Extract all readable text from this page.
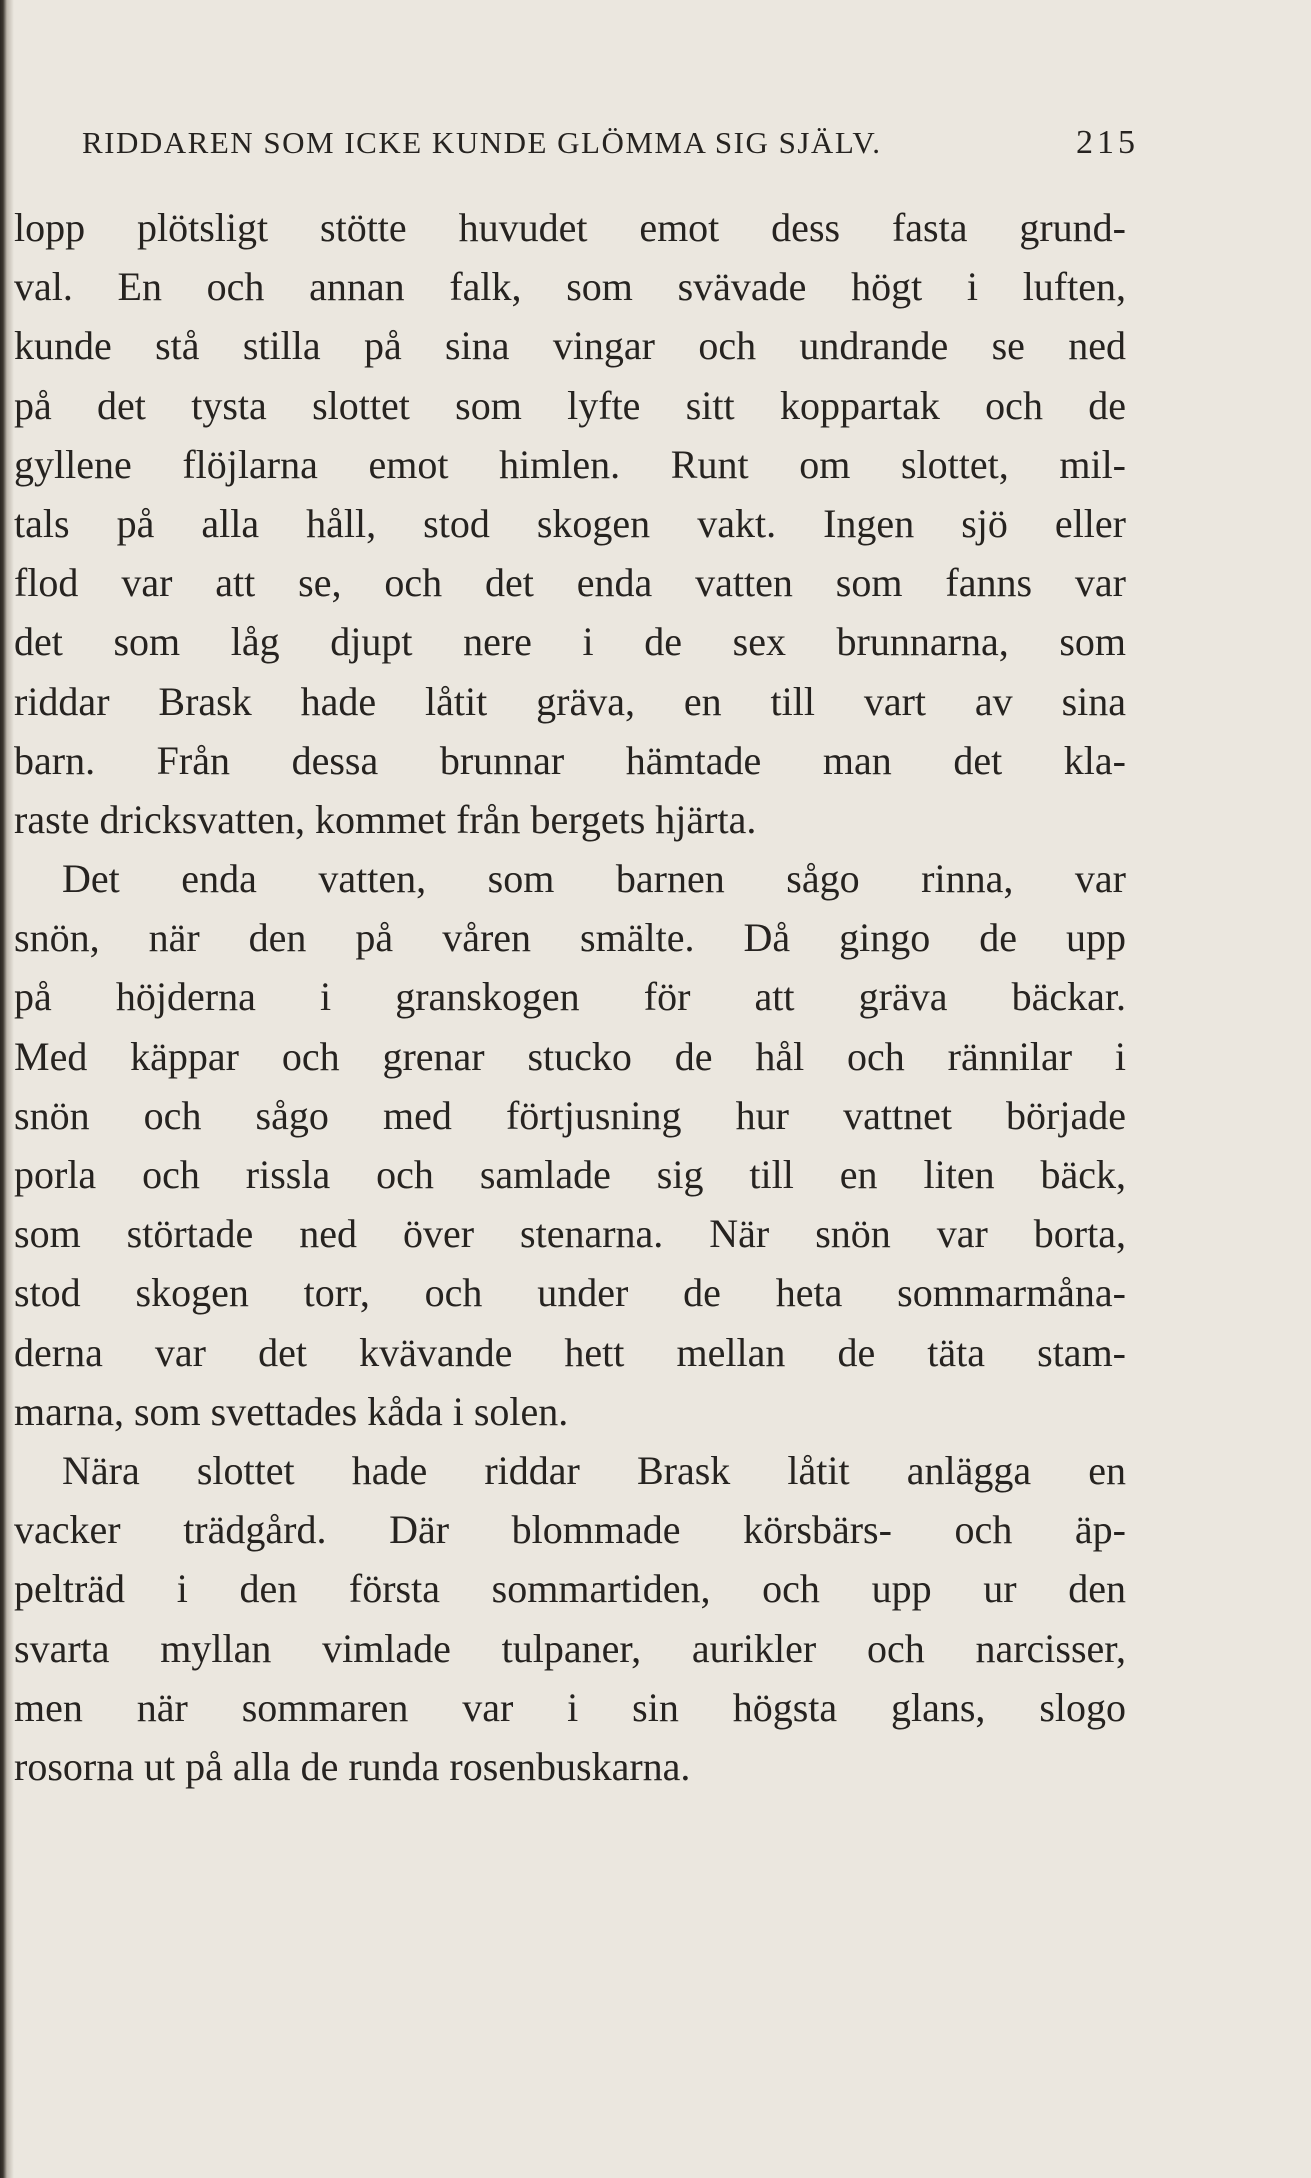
RIDDAREN SOM ICKE KUNDE GLÖMMA SIG SJÄLV.	215
lopp plötsligt stötte huvudet emot dess fasta grund-
val. En och annan falk, som svävade högt i luften,
kunde stå stilla på sina vingar och undrande se ned
på det tysta slottet som lyfte sitt koppartak och de
gyllene flöjlarna emot himlen. Runt om slottet, mil-
tals på alla håll, stod skogen vakt. Ingen sjö eller
flod var att se, och det enda vatten som fanns var
det som låg djupt nere i de sex brunnarna, som
riddar Brask hade låtit gräva, en till vart av sina
barn. Från dessa brunnar hämtade man det kla-
raste dricksvatten, kommet från bergets hjärta.
Det enda vatten, som barnen sågo rinna, var
snön, när den på våren smälte. Då gingo de upp
på höjderna i granskogen för att gräva bäckar.
Med käppar och grenar stucko de hål och rännilar i
snön och sågo med förtjusning hur vattnet började
porla och rissla och samlade sig till en liten bäck,
som störtade ned över stenarna. När snön var borta,
stod skogen torr, och under de heta sommarmåna-
derna var det kvävande hett mellan de täta stam-
marna, som svettades kåda i solen.
Nära slottet hade riddar Brask låtit anlägga en
vacker trädgård. Där blommade körsbärs- och äp-
pelträd i den första sommartiden, och upp ur den
svarta myllan vimlade tulpaner, aurikler och narcisser,
men när sommaren var i sin högsta glans, slogo
rosorna ut på alla de runda rosenbuskarna.
